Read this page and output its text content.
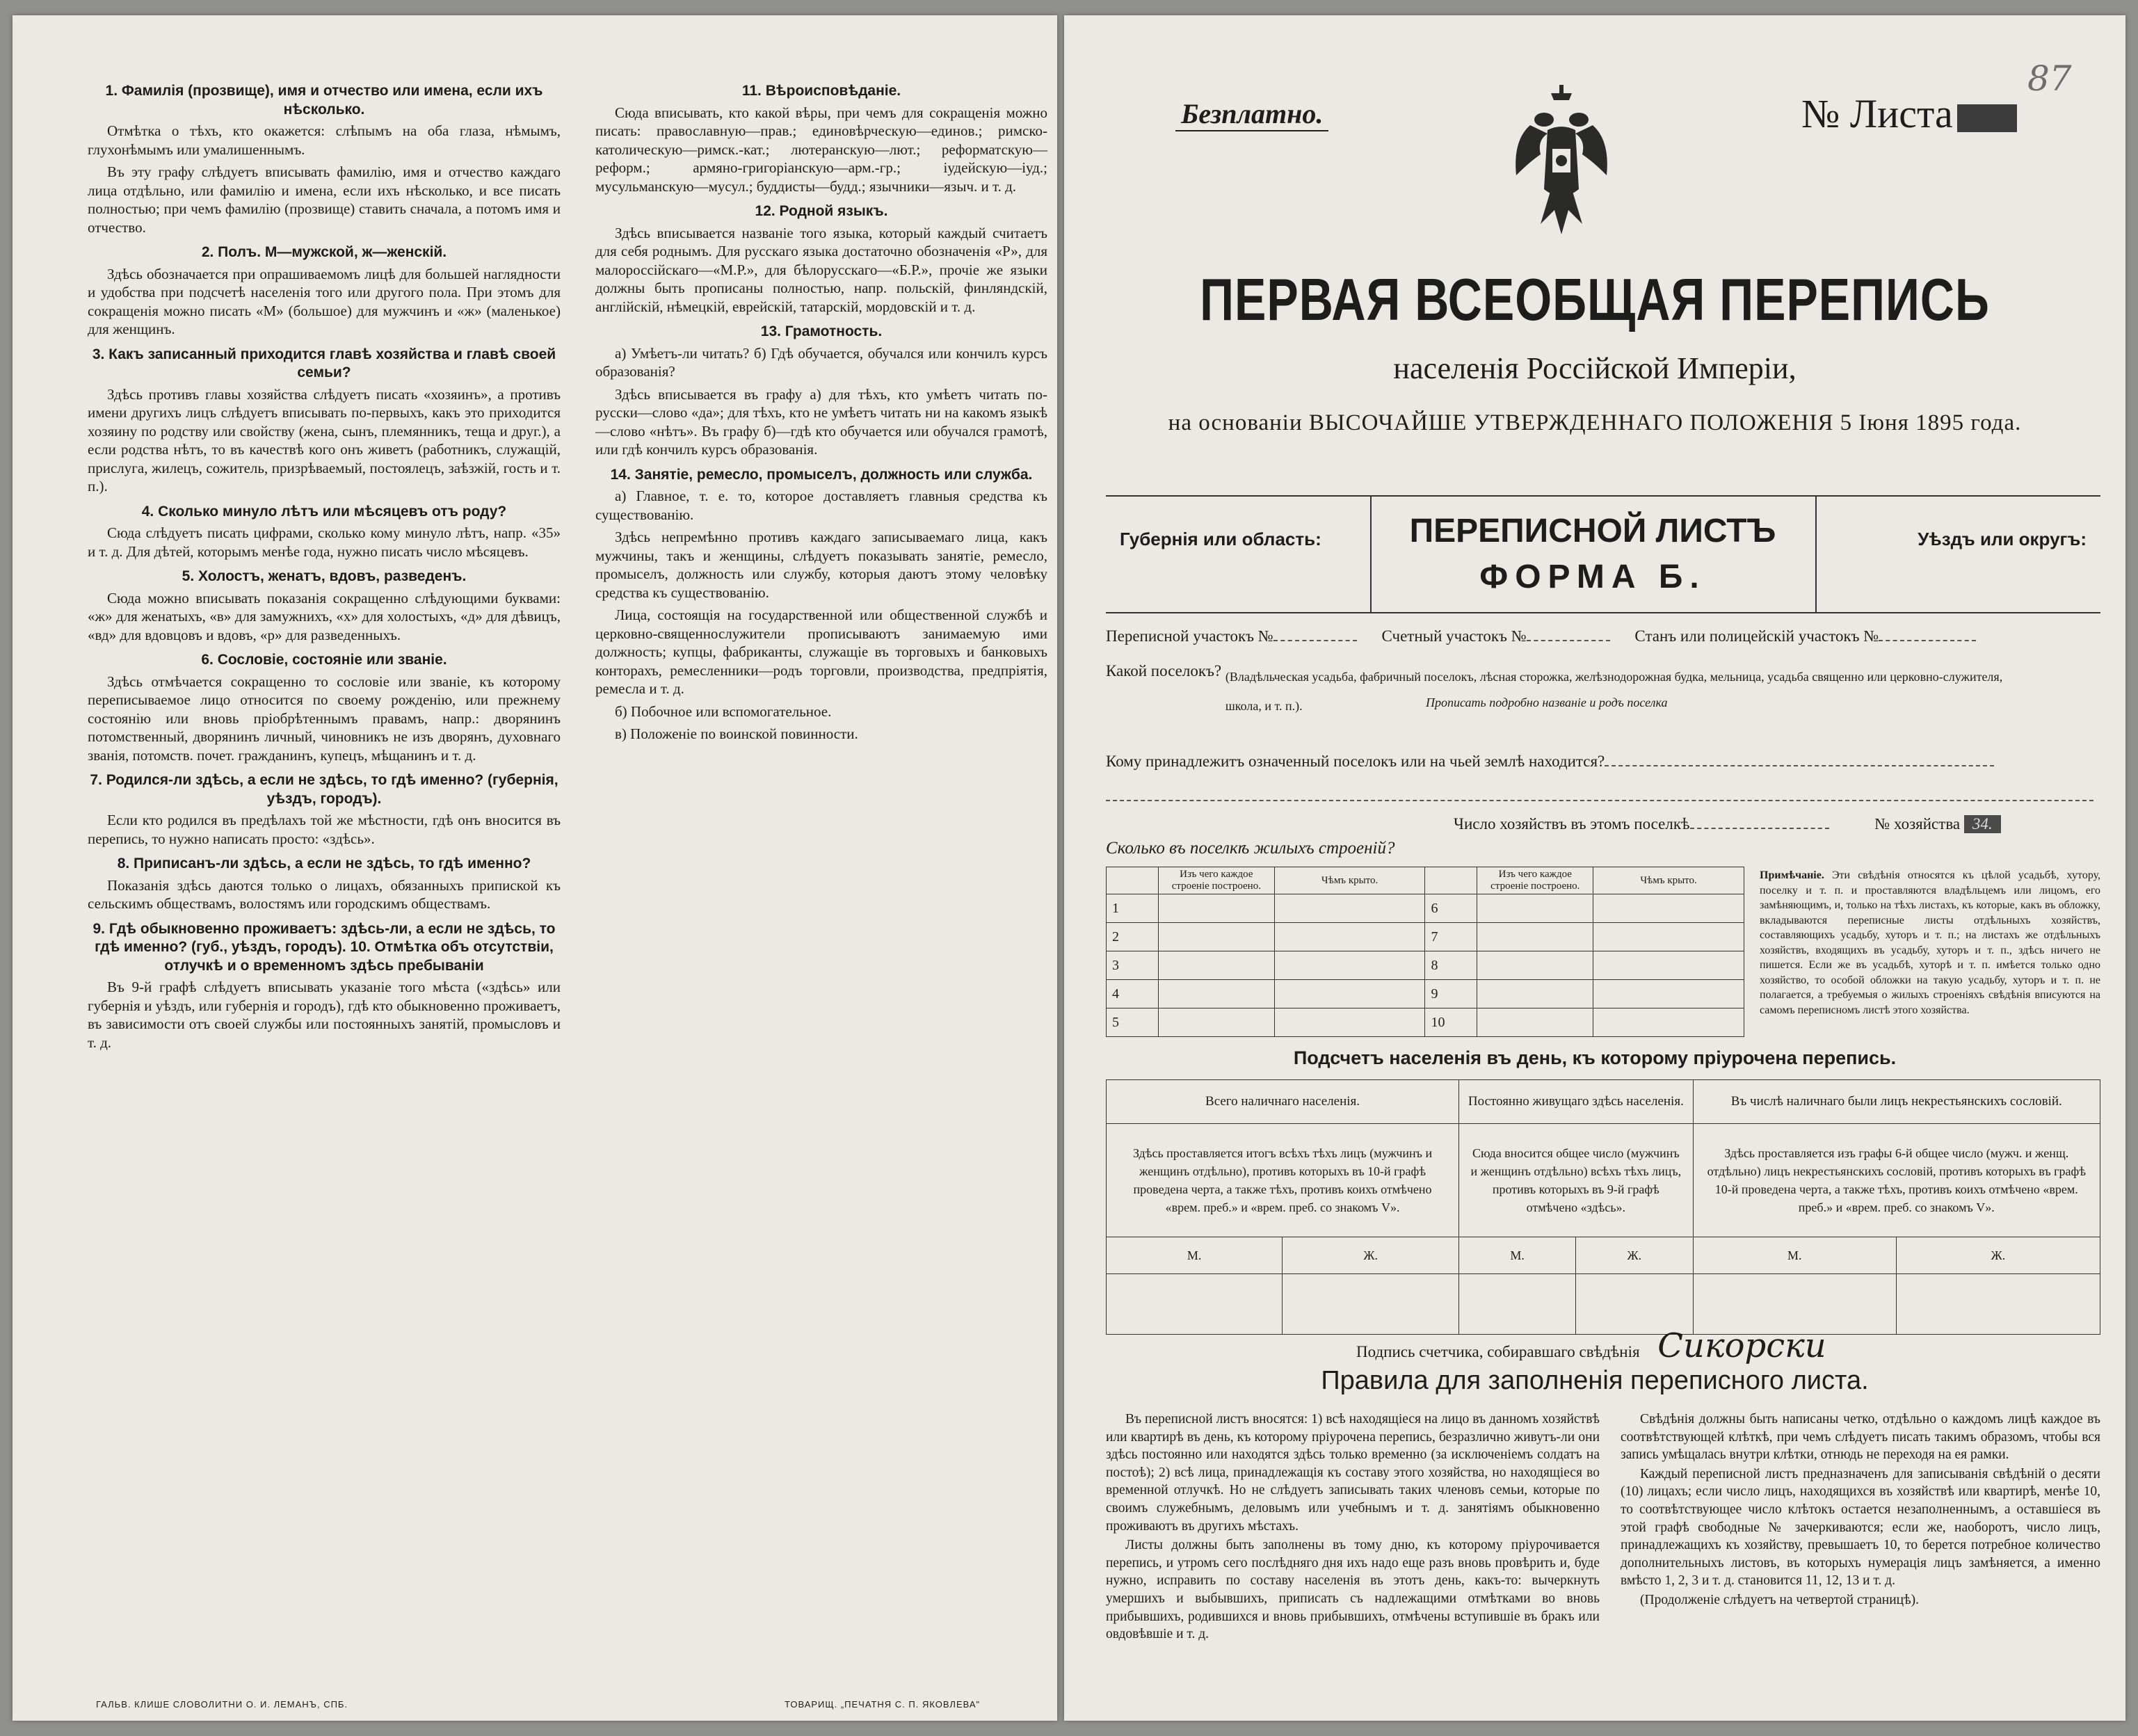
1. Фамилія (прозвище), имя и отчество или имена, если ихъ нѣсколько.

Отмѣтка о тѣхъ, кто окажется: слѣпымъ на оба глаза, нѣмымъ, глухонѣмымъ или умалишеннымъ.

Въ эту графу слѣдуетъ вписывать фамилію, имя и отчество каждаго лица отдѣльно, или фамилію и имена, если ихъ нѣсколько, и все писать полностью; при чемъ фамилію (прозвище) ставить сначала, а потомъ имя и отчество.

2. Полъ. М—мужской, ж—женскій.

Здѣсь обозначается при опрашиваемомъ лицѣ для большей наглядности и удобства при подсчетѣ населенія того или другого пола. При этомъ для сокращенія можно писать «М» (большое) для мужчинъ и «ж» (маленькое) для женщинъ.

3. Какъ записанный приходится главѣ хозяйства и главѣ своей семьи?

Здѣсь противъ главы хозяйства слѣдуетъ писать «хозяинъ», а противъ имени другихъ лицъ слѣдуетъ вписывать по-первыхъ, какъ это приходится хозяину по родству или свойству (жена, сынъ, племянникъ, теща и друг.), а если родства нѣтъ, то въ качествѣ кого онъ живетъ (работникъ, служащій, прислуга, жилецъ, сожитель, призрѣваемый, постоялецъ, заѣзжій, гость и т. п.).

4. Сколько минуло лѣтъ или мѣсяцевъ отъ роду?

Сюда слѣдуетъ писать цифрами, сколько кому минуло лѣтъ, напр. «35» и т. д. Для дѣтей, которымъ менѣе года, нужно писать число мѣсяцевъ.

5. Холостъ, женатъ, вдовъ, разведенъ.

Сюда можно вписывать показанія сокращенно слѣдующими буквами: «ж» для женатыхъ, «в» для замужнихъ, «х» для холостыхъ, «д» для дѣвицъ, «вд» для вдовцовъ и вдовъ, «р» для разведенныхъ.

6. Сословіе, состояніе или званіе.

Здѣсь отмѣчается сокращенно то сословіе или званіе, къ которому переписываемое лицо относится по своему рожденію, или прежнему состоянію или вновь пріобрѣтеннымъ правамъ, напр.: дворянинъ потомственный, дворянинъ личный, чиновникъ не изъ дворянъ, духовнаго званія, потомств. почет. гражданинъ, купецъ, мѣщанинъ и т. д.

7. Родился-ли здѣсь, а если не здѣсь, то гдѣ именно? (губернія, уѣздъ, городъ).

Если кто родился въ предѣлахъ той же мѣстности, гдѣ онъ вносится въ перепись, то нужно написать просто: «здѣсь».

8. Приписанъ-ли здѣсь, а если не здѣсь, то гдѣ именно?

Показанія здѣсь даются только о лицахъ, обязанныхъ припиской къ сельскимъ обществамъ, волостямъ или городскимъ обществамъ.

9. Гдѣ обыкновенно проживаетъ: здѣсь-ли, а если не здѣсь, то гдѣ именно? (губ., уѣздъ, городъ). 10. Отмѣтка объ отсутствіи, отлучкѣ и о временномъ здѣсь пребываніи

Въ 9-й графѣ слѣдуетъ вписывать указаніе того мѣста («здѣсь» или губернія и уѣздъ, или губернія и городъ), гдѣ кто обыкновенно проживаетъ, въ зависимости отъ своей службы или постоянныхъ занятій, промысловъ и т. д.

11. Вѣроисповѣданіе.

Сюда вписывать, кто какой вѣры, при чемъ для сокращенія можно писать: православную—прав.; единовѣрческую—единов.; римско-католическую—римск.-кат.; лютеранскую—лют.; реформатскую—реформ.; армяно-григоріанскую—арм.-гр.; іудейскую—іуд.; мусульманскую—мусул.; буддисты—будд.; язычники—языч. и т. д.

12. Родной языкъ.

Здѣсь вписывается названіе того языка, который каждый считаетъ для себя роднымъ. Для русскаго языка достаточно обозначенія «Р», для малороссійскаго—«М.Р.», для бѣлорусскаго—«Б.Р.», прочіе же языки должны быть прописаны полностью, напр. польскій, финляндскій, англійскій, нѣмецкій, еврейскій, татарскій, мордовскій и т. д.

13. Грамотность.

а) Умѣетъ-ли читать? б) Гдѣ обучается, обучался или кончилъ курсъ образованія?

Здѣсь вписывается въ графу а) для тѣхъ, кто умѣетъ читать по-русски—слово «да»; для тѣхъ, кто не умѣетъ читать ни на какомъ языкѣ—слово «нѣтъ». Въ графу б)—гдѣ кто обучается или обучался грамотѣ, или гдѣ кончилъ курсъ образованія.

14. Занятіе, ремесло, промыселъ, должность или служба.

а) Главное, т. е. то, которое доставляетъ главныя средства къ существованію.

Здѣсь непремѣнно противъ каждаго записываемаго лица, какъ мужчины, такъ и женщины, слѣдуетъ показывать занятіе, ремесло, промыселъ, должность или службу, которыя даютъ этому человѣку средства къ существованію.

Лица, состоящія на государственной или общественной службѣ и церковно-священнослужители прописываютъ занимаемую ими должность; купцы, фабриканты, служащіе въ торговыхъ и банковыхъ конторахъ, ремесленники—родъ торговли, производства, предпріятія, ремесла и т. д.

б) Побочное или вспомогательное.

в) Положеніе по воинской повинности.

ГАЛЬВ. КЛИШЕ СЛОВОЛИТНИ О. И. ЛЕМАНЪ, СПБ.	ТОВАРИЩ. „ПЕЧАТНЯ С. П. ЯКОВЛЕВА"
Безплатно.	№ Листа
87
ПЕРВАЯ ВСЕОБЩАЯ ПЕРЕПИСЬ
населенія Россійской Имперіи,
на основаніи ВЫСОЧАЙШЕ УТВЕРЖДЕННАГО ПОЛОЖЕНІЯ 5 Іюня 1895 года.
Губернія или область:	ПЕРЕПИСНОЙ ЛИСТЪ
ФОРМА Б.
Уѣздъ или округъ:
Переписной участокъ №	Счетный участокъ №	Станъ или полицейскій участокъ №
Какой поселокъ? (Владѣльческая усадьба, фабричный поселокъ, лѣсная сторожка, желѣзнодорожная будка, мельница, усадьба священно или церковно-служителя, школа, и т. п.).	Прописать подробно названіе и родъ поселка
Кому принадлежитъ означенный поселокъ или на чьей землѣ находится?
Число хозяйствъ въ этомъ поселкѣ	№ хозяйства 34.
Сколько въ поселкѣ жилыхъ строеній?
	Изъ чего каждое строеніе построено.	Чѣмъ крыто.		Изъ чего каждое строеніе построено.	Чѣмъ крыто.
1			6		
2			7		
3			8		
4			9		
5			10		
Примѣчаніе. Эти свѣдѣнія относятся къ цѣлой усадьбѣ, хутору, поселку и т. п. и проставляются владѣльцемъ или лицомъ, его замѣняющимъ, и, только на тѣхъ листахъ, къ которые, какъ въ обложку, вкладываются переписные листы отдѣльныхъ хозяйствъ, составляющихъ усадьбу, хуторъ и т. п.; на листахъ же отдѣльныхъ хозяйствъ, входящихъ въ усадьбу, хуторъ и т. п., здѣсь ничего не пишется. Если же въ усадьбѣ, хуторѣ и т. п. имѣется только одно хозяйство, то особой обложки на такую усадьбу, хуторъ и т. п. не полагается, а требуемыя о жилыхъ строеніяхъ свѣдѣнія вписуются на самомъ переписномъ листѣ этого хозяйства.
Подсчетъ населенія въ день, къ которому пріурочена перепись.
Всего наличнаго населенія.		Постоянно живущаго здѣсь населенія.		Въ числѣ наличнаго были лицъ некрестьянскихъ сословій.	
Здѣсь проставляется итогъ всѣхъ тѣхъ лицъ (мужчинъ и женщинъ отдѣльно), противъ которыхъ въ 10-й графѣ проведена черта, а также тѣхъ, противъ коихъ отмѣчено «врем. преб.» и «врем. преб. со знакомъ V».		Сюда вносится общее число (мужчинъ и женщинъ отдѣльно) всѣхъ тѣхъ лицъ, противъ которыхъ въ 9-й графѣ отмѣчено «здѣсь».		Здѣсь проставляется изъ графы 6-й общее число (мужч. и женщ. отдѣльно) лицъ некрестьянскихъ сословій, противъ которыхъ въ графѣ 10-й проведена черта, а также тѣхъ, противъ коихъ отмѣчено «врем. преб.» и «врем. преб. со знакомъ V».	
М.	Ж.	М.	Ж.	М.	Ж.

Подпись счетчика, собиравшаго свѣдѣнія Сикорски
Правила для заполненія переписного листа.

Въ переписной листъ вносятся: 1) всѣ находящіеся на лицо въ данномъ хозяйствѣ или квартирѣ въ день, къ которому пріурочена перепись, безразлично живутъ-ли они здѣсь постоянно или находятся здѣсь только временно (за исключеніемъ солдатъ на постоѣ); 2) всѣ лица, принадлежащія къ составу этого хозяйства, но находящіеся во временной отлучкѣ. Но не слѣдуетъ записывать таких членовъ семьи, которые по своимъ служебнымъ, деловымъ или учебнымъ и т. д. занятіямъ обыкновенно проживаютъ въ другихъ мѣстахъ.

Листы должны быть заполнены въ тому дню, къ которому пріурочивается перепись, и утромъ сего послѣдняго дня ихъ надо еще разъ вновь провѣрить и, буде нужно, исправить по составу населенія въ этотъ день, какъ-то: вычеркнуть умершихъ и выбывшихъ, приписать съ надлежащими отмѣтками во вновь прибывшихъ, родившихся и вновь прибывшихъ, отмѣчены вступившіе въ бракъ или овдовѣвшіе и т. д.

Свѣдѣнія должны быть написаны четко, отдѣльно о каждомъ лицѣ каждое въ соотвѣтствующей клѣткѣ, при чемъ слѣдуетъ писать такимъ образомъ, чтобы вся запись умѣщалась внутри клѣтки, отнюдь не переходя на ея рамки.

Каждый переписной листъ предназначенъ для записыванія свѣдѣній о десяти (10) лицахъ; если число лицъ, находящихся въ хозяйствѣ или квартирѣ, менѣе 10, то соотвѣтствующее число клѣтокъ остается незаполненнымъ, а оставшіеся въ этой графѣ свободные № зачеркиваются; если же, наоборотъ, число лицъ, принадлежащихъ къ хозяйству, превышаетъ 10, то берется потребное количество дополнительныхъ листовъ, въ которыхъ нумерація лицъ замѣняется, а именно вмѣсто 1, 2, 3 и т. д. становится 11, 12, 13 и т. д.

(Продолженіе слѣдуетъ на четвертой страницѣ).
